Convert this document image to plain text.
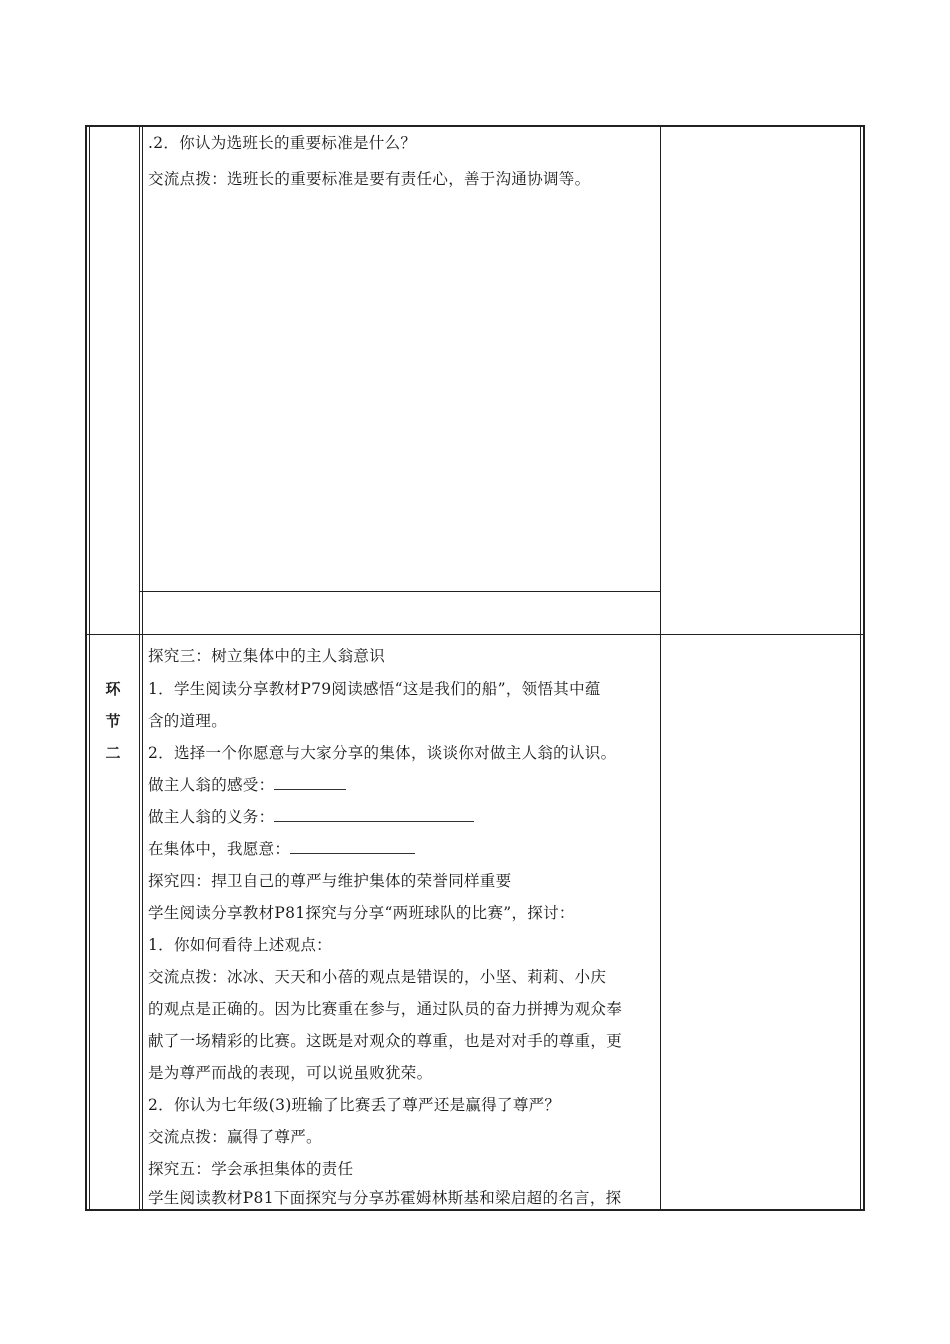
.2．你认为选班长的重要标准是什么？
交流点拨：选班长的重要标准是要有责任心，善于沟通协调等。
环
节
二
探究三：树立集体中的主人翁意识
1．学生阅读分享教材P79阅读感悟“这是我们的船”，领悟其中蕴
含的道理。
2．选择一个你愿意与大家分享的集体，谈谈你对做主人翁的认识。
做主人翁的感受：
做主人翁的义务：
在集体中，我愿意：
探究四：捍卫自己的尊严与维护集体的荣誉同样重要
学生阅读分享教材P81探究与分享“两班球队的比赛”，探讨：
1．你如何看待上述观点：
交流点拨：冰冰、天天和小蓓的观点是错误的，小坚、莉莉、小庆
的观点是正确的。因为比赛重在参与，通过队员的奋力拼搏为观众奉
献了一场精彩的比赛。这既是对观众的尊重，也是对对手的尊重，更
是为尊严而战的表现，可以说虽败犹荣。
2．你认为七年级(3)班输了比赛丢了尊严还是赢得了尊严？
交流点拨：赢得了尊严。
探究五：学会承担集体的责任
学生阅读教材P81下面探究与分享苏霍姆林斯基和梁启超的名言，探
